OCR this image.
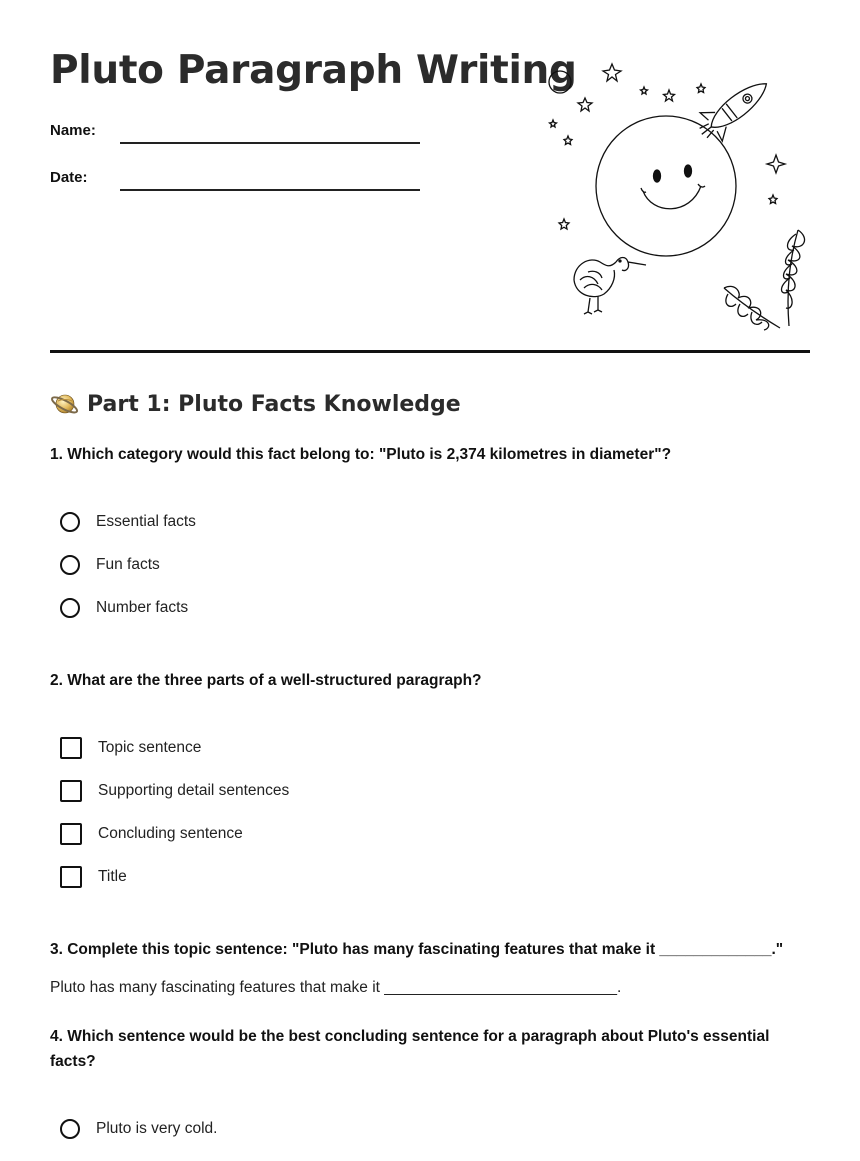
Pluto Paragraph Writing
Name:
Date:
Part 1: Pluto Facts Knowledge

1. Which category would this fact belong to: "Pluto is 2,374 kilometres in diameter"?

Essential facts
Fun facts
Number facts

2. What are the three parts of a well-structured paragraph?

Topic sentence
Supporting detail sentences
Concluding sentence
Title

3. Complete this topic sentence: "Pluto has many fascinating features that make it _____________."

Pluto has many fascinating features that make it ___________________________.

4. Which sentence would be the best concluding sentence for a paragraph about Pluto's essential facts?

Pluto is very cold.
